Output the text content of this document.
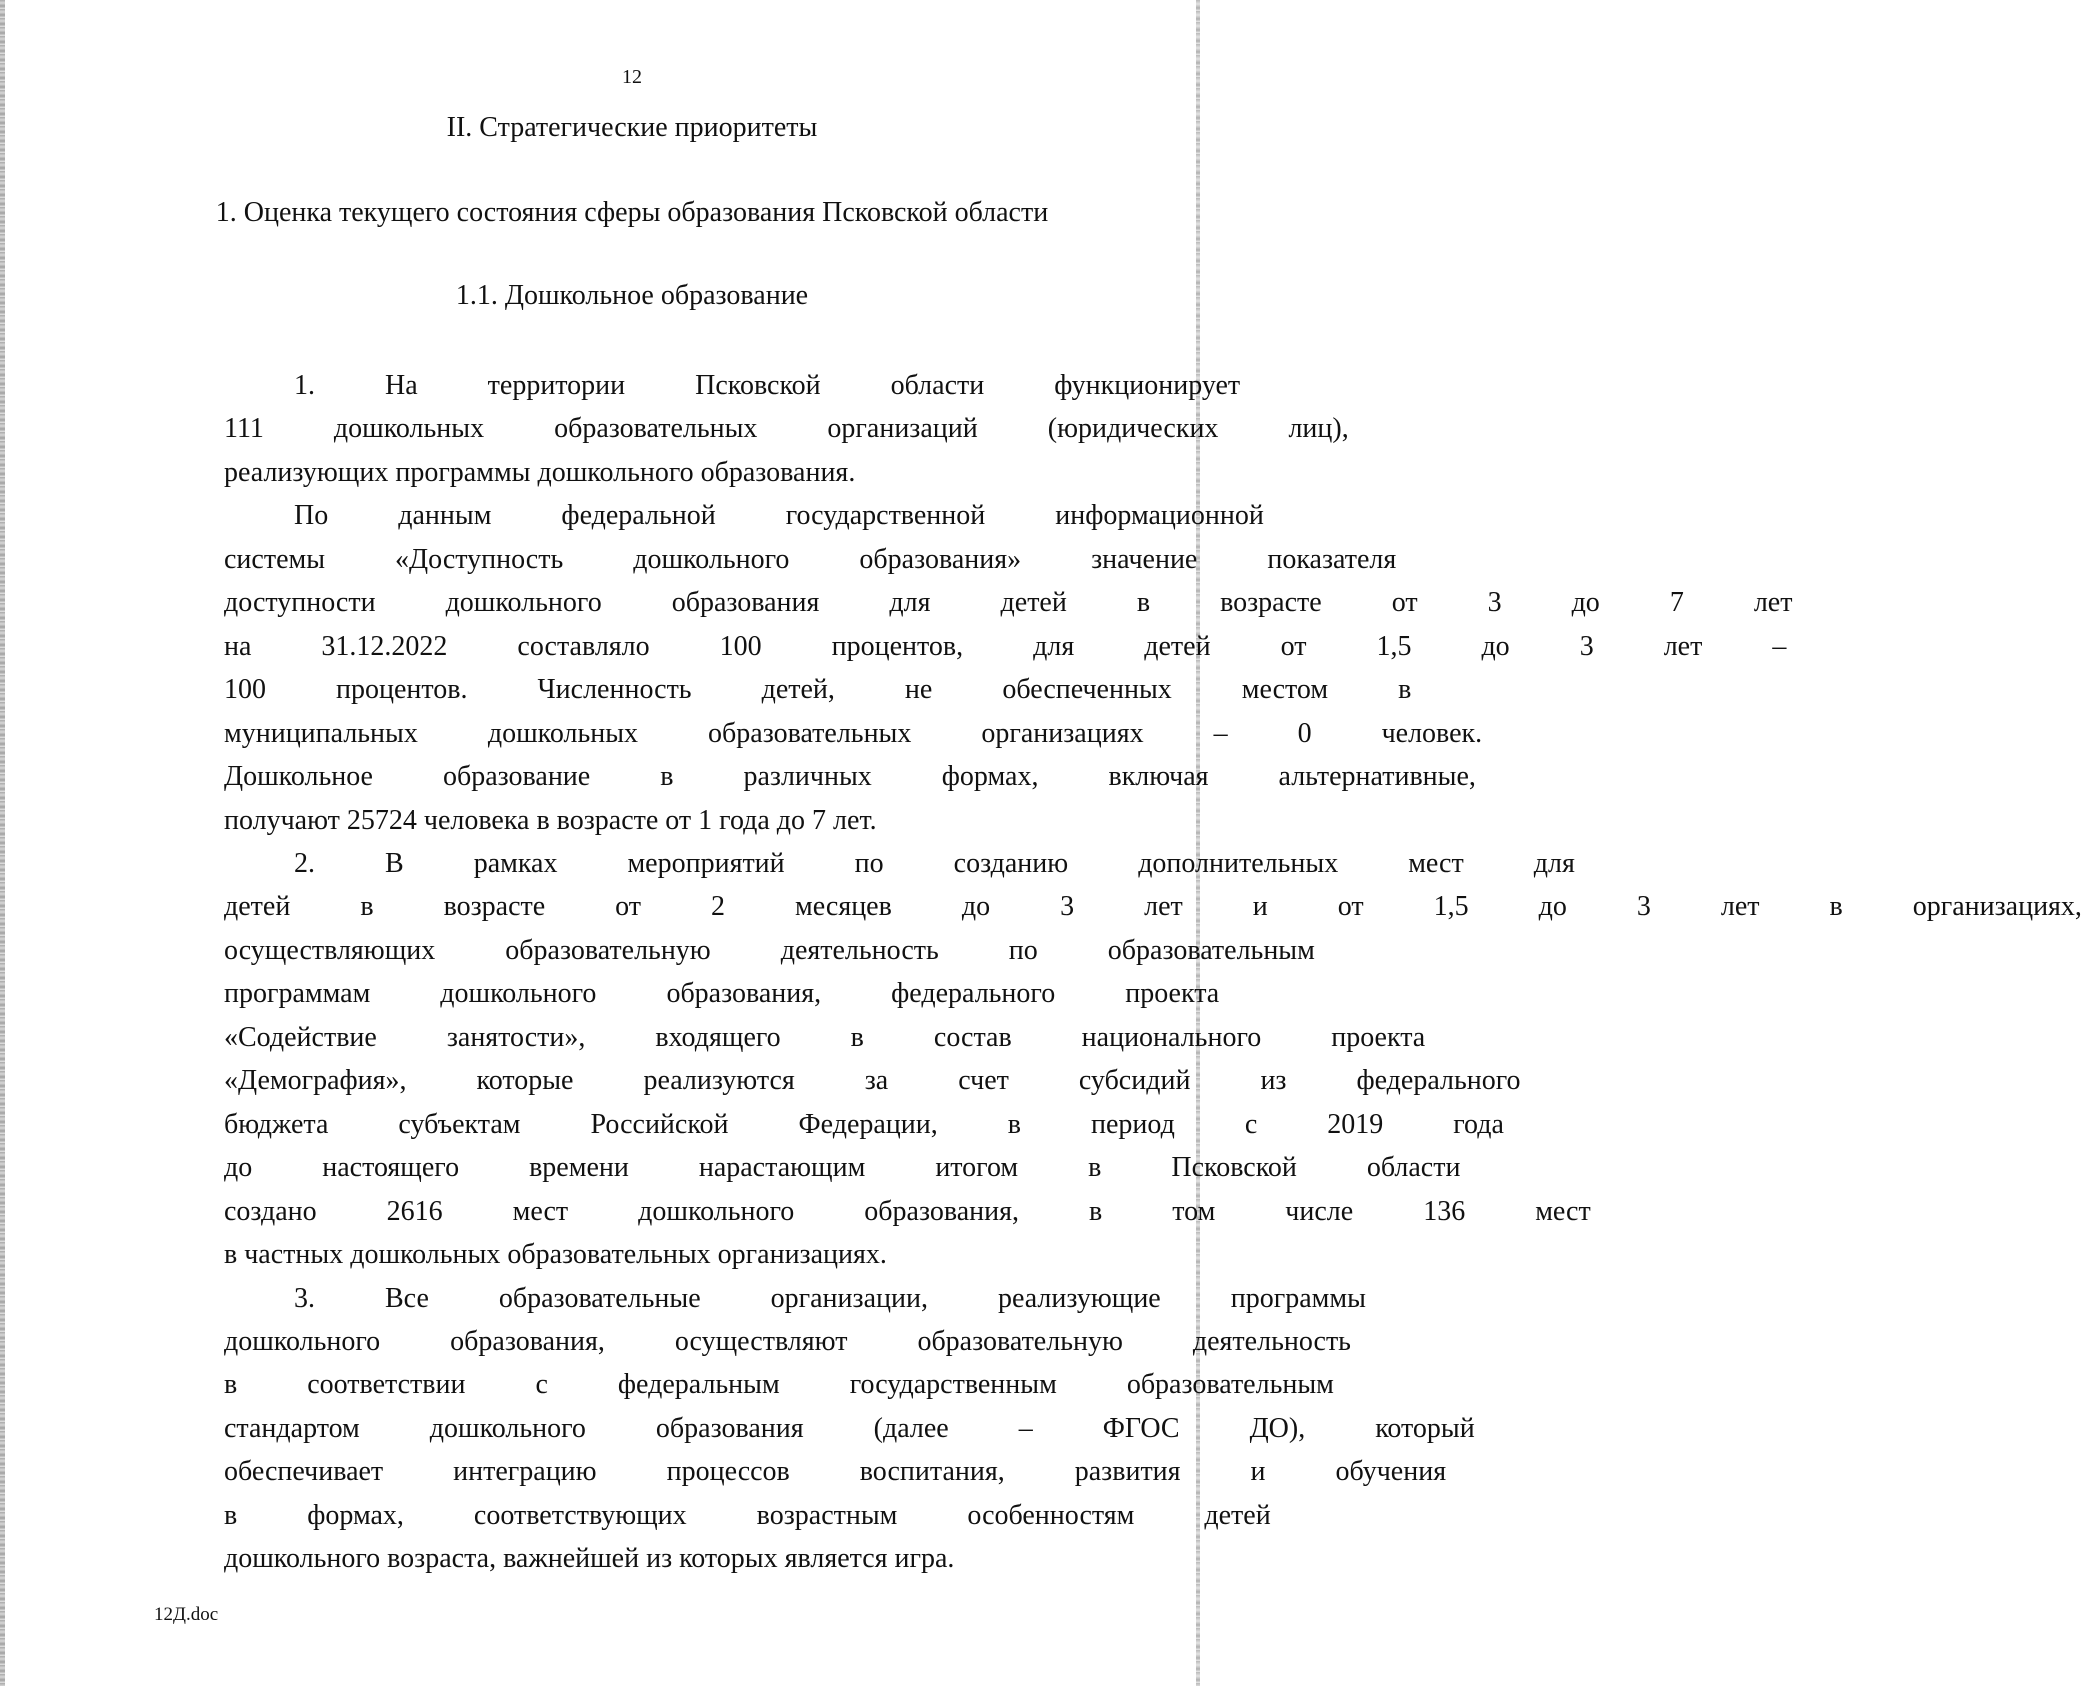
12
II. Стратегические приоритеты
1. Оценка текущего состояния сферы образования Псковской области
1.1. Дошкольное образование
1.	На	территории	Псковской	области	функционирует
111	дошкольных	образовательных	организаций	(юридических	лиц),
реализующих программы дошкольного образования.
По	данным	федеральной	государственной	информационной
системы	«Доступность	дошкольного	образования»	значение	показателя
доступности	дошкольного	образования	для	детей	в	возрасте	от	3	до	7	лет
на	31.12.2022	составляло	100	процентов,	для	детей	от	1,5	до	3	лет	–
100	процентов.	Численность	детей,	не	обеспеченных	местом	в
муниципальных	дошкольных	образовательных	организациях	–	0	человек.
Дошкольное	образование	в	различных	формах,	включая	альтернативные,
получают 25724 человека в возрасте от 1 года до 7 лет.
2.	В	рамках	мероприятий	по	созданию	дополнительных	мест	для
детей	в	возрасте	от	2	месяцев	до	3	лет	и	от	1,5	до	3	лет	в	организациях,
осуществляющих	образовательную	деятельность	по	образовательным
программам	дошкольного	образования,	федерального	проекта
«Содействие	занятости»,	входящего	в	состав	национального	проекта
«Демография»,	которые	реализуются	за	счет	субсидий	из	федерального
бюджета	субъектам	Российской	Федерации,	в	период	с	2019	года
до	настоящего	времени	нарастающим	итогом	в	Псковской	области
создано	2616	мест	дошкольного	образования,	в	том	числе	136	мест
в частных дошкольных образовательных организациях.
3.	Все	образовательные	организации,	реализующие	программы
дошкольного	образования,	осуществляют	образовательную	деятельность
в	соответствии	с	федеральным	государственным	образовательным
стандартом	дошкольного	образования	(далее	–	ФГОС	ДО),	который
обеспечивает	интеграцию	процессов	воспитания,	развития	и	обучения
в	формах,	соответствующих	возрастным	особенностям	детей
дошкольного возраста, важнейшей из которых является игра.
12Д.doc
